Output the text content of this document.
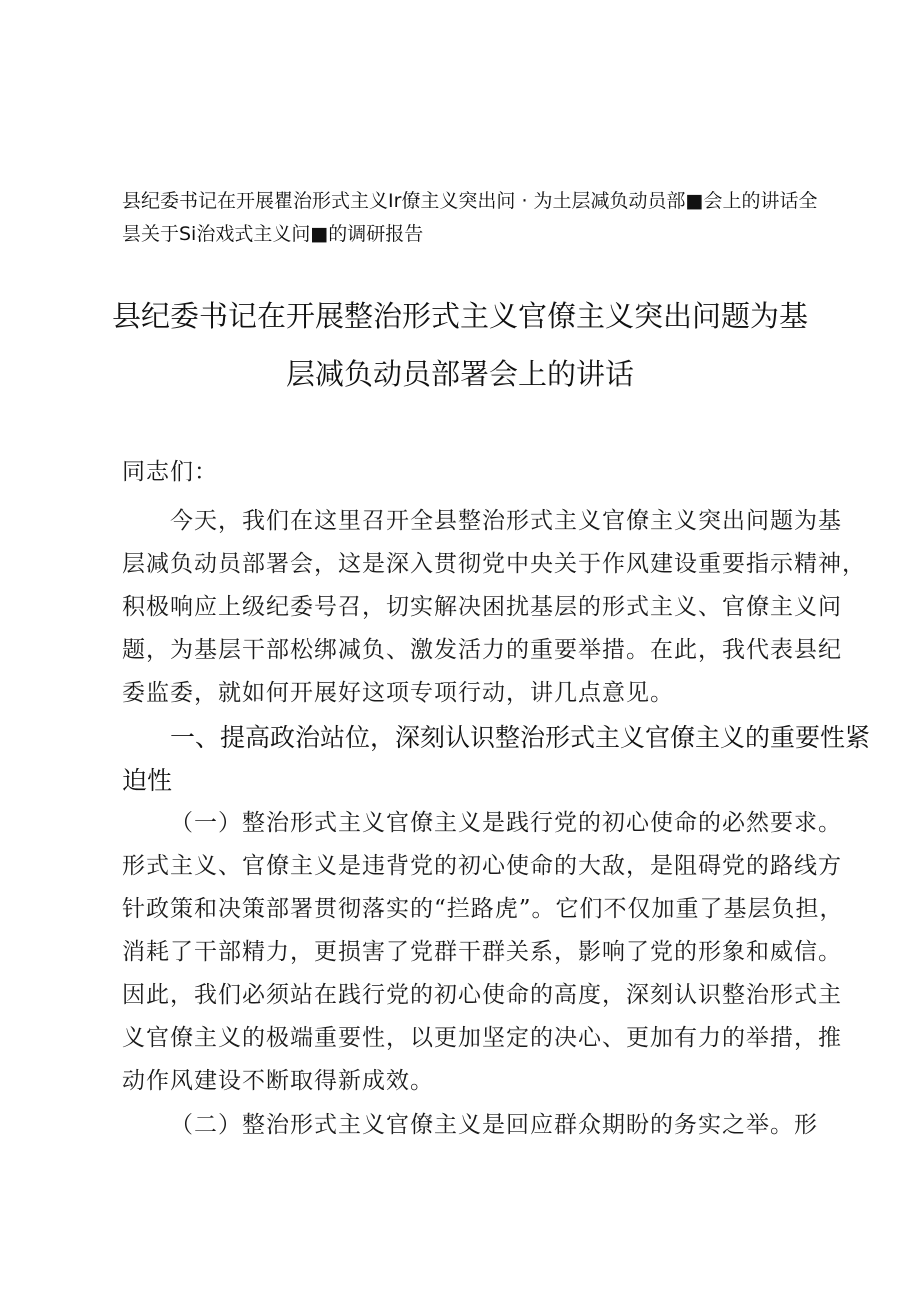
县纪委书记在开展瞿治形式主义Ir僚主义突出问 · 为土层减负动员部■会上的讲话全
昙关于Si治戏式主义问■的调研报告
县纪委书记在开展整治形式主义官僚主义突出问题为基
层减负动员部署会上的讲话
同志们：
今天，我们在这里召开全县整治形式主义官僚主义突出问题为基
层减负动员部署会，这是深入贯彻党中央关于作风建设重要指示精神，
积极响应上级纪委号召，切实解决困扰基层的形式主义、官僚主义问
题，为基层干部松绑减负、激发活力的重要举措。在此，我代表县纪
委监委，就如何开展好这项专项行动，讲几点意见。
一、提高政治站位，深刻认识整治形式主义官僚主义的重要性紧
迫性
（一）整治形式主义官僚主义是践行党的初心使命的必然要求。
形式主义、官僚主义是违背党的初心使命的大敌，是阻碍党的路线方
针政策和决策部署贯彻落实的“拦路虎”。它们不仅加重了基层负担，
消耗了干部精力，更损害了党群干群关系，影响了党的形象和威信。
因此，我们必须站在践行党的初心使命的高度，深刻认识整治形式主
义官僚主义的极端重要性，以更加坚定的决心、更加有力的举措，推
动作风建设不断取得新成效。
（二）整治形式主义官僚主义是回应群众期盼的务实之举。形
